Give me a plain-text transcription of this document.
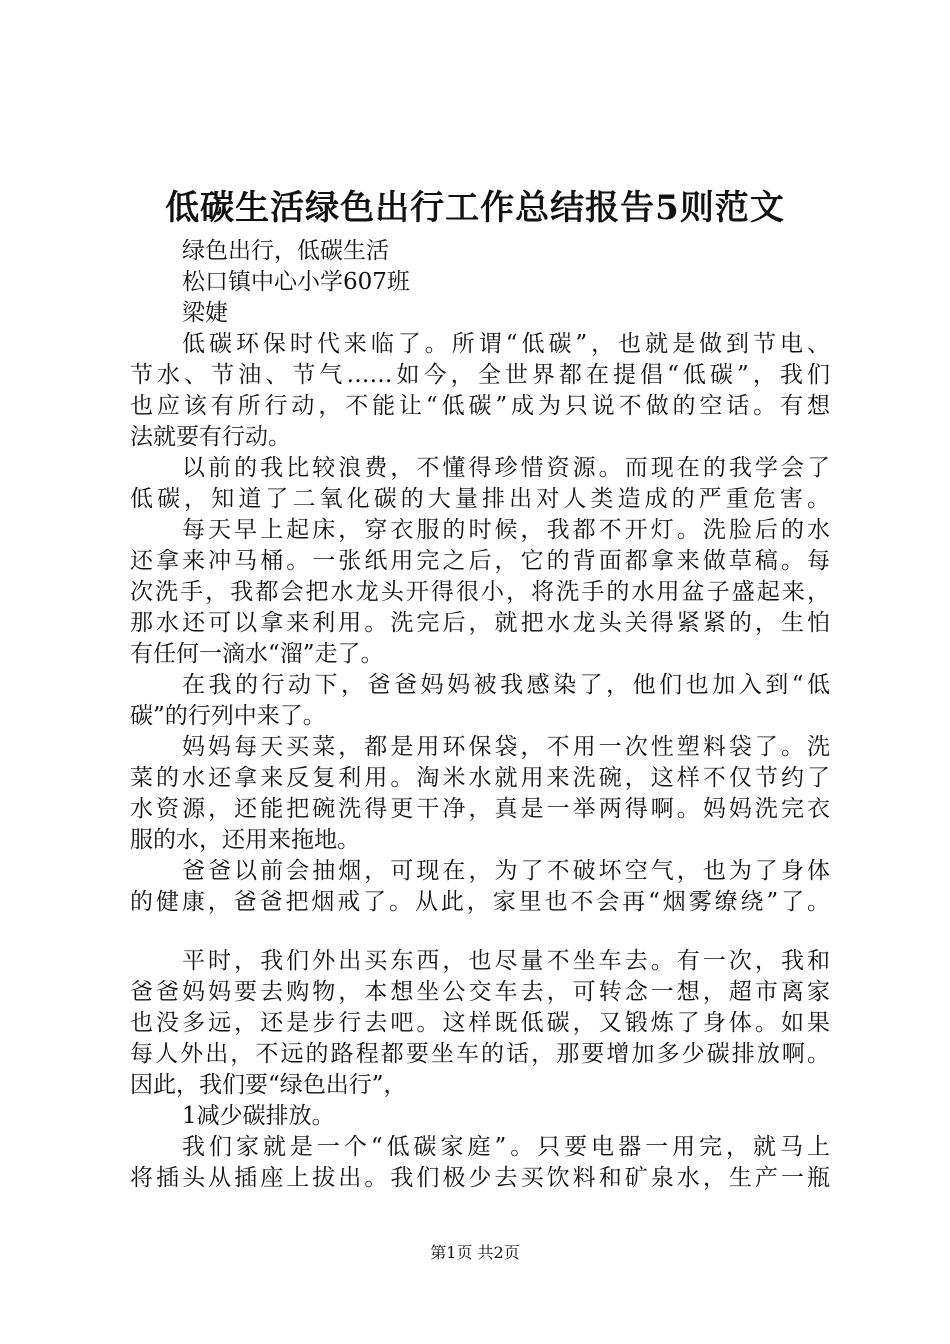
低碳生活绿色出行工作总结报告5则范文

绿色出行，低碳生活

松口镇中心小学607班

梁婕

低碳环保时代来临了。所谓“低碳”，也就是做到节电、

节水、节油、节气……如今，全世界都在提倡“低碳”，我们

也应该有所行动，不能让“低碳”成为只说不做的空话。有想

法就要有行动。

以前的我比较浪费，不懂得珍惜资源。而现在的我学会了

低碳，知道了二氧化碳的大量排出对人类造成的严重危害。

每天早上起床，穿衣服的时候，我都不开灯。洗脸后的水

还拿来冲马桶。一张纸用完之后，它的背面都拿来做草稿。每

次洗手，我都会把水龙头开得很小，将洗手的水用盆子盛起来，

那水还可以拿来利用。洗完后，就把水龙头关得紧紧的，生怕

有任何一滴水“溜”走了。

在我的行动下，爸爸妈妈被我感染了，他们也加入到“低

碳”的行列中来了。

妈妈每天买菜，都是用环保袋，不用一次性塑料袋了。洗

菜的水还拿来反复利用。淘米水就用来洗碗，这样不仅节约了

水资源，还能把碗洗得更干净，真是一举两得啊。妈妈洗完衣

服的水，还用来拖地。

爸爸以前会抽烟，可现在，为了不破坏空气，也为了身体

的健康，爸爸把烟戒了。从此，家里也不会再“烟雾缭绕”了。

平时，我们外出买东西，也尽量不坐车去。有一次，我和

爸爸妈妈要去购物，本想坐公交车去，可转念一想，超市离家

也没多远，还是步行去吧。这样既低碳，又锻炼了身体。如果

每人外出，不远的路程都要坐车的话，那要增加多少碳排放啊。

因此，我们要“绿色出行”，

1减少碳排放。

我们家就是一个“低碳家庭”。只要电器一用完，就马上

将插头从插座上拔出。我们极少去买饮料和矿泉水，生产一瓶

第1页 共2页
